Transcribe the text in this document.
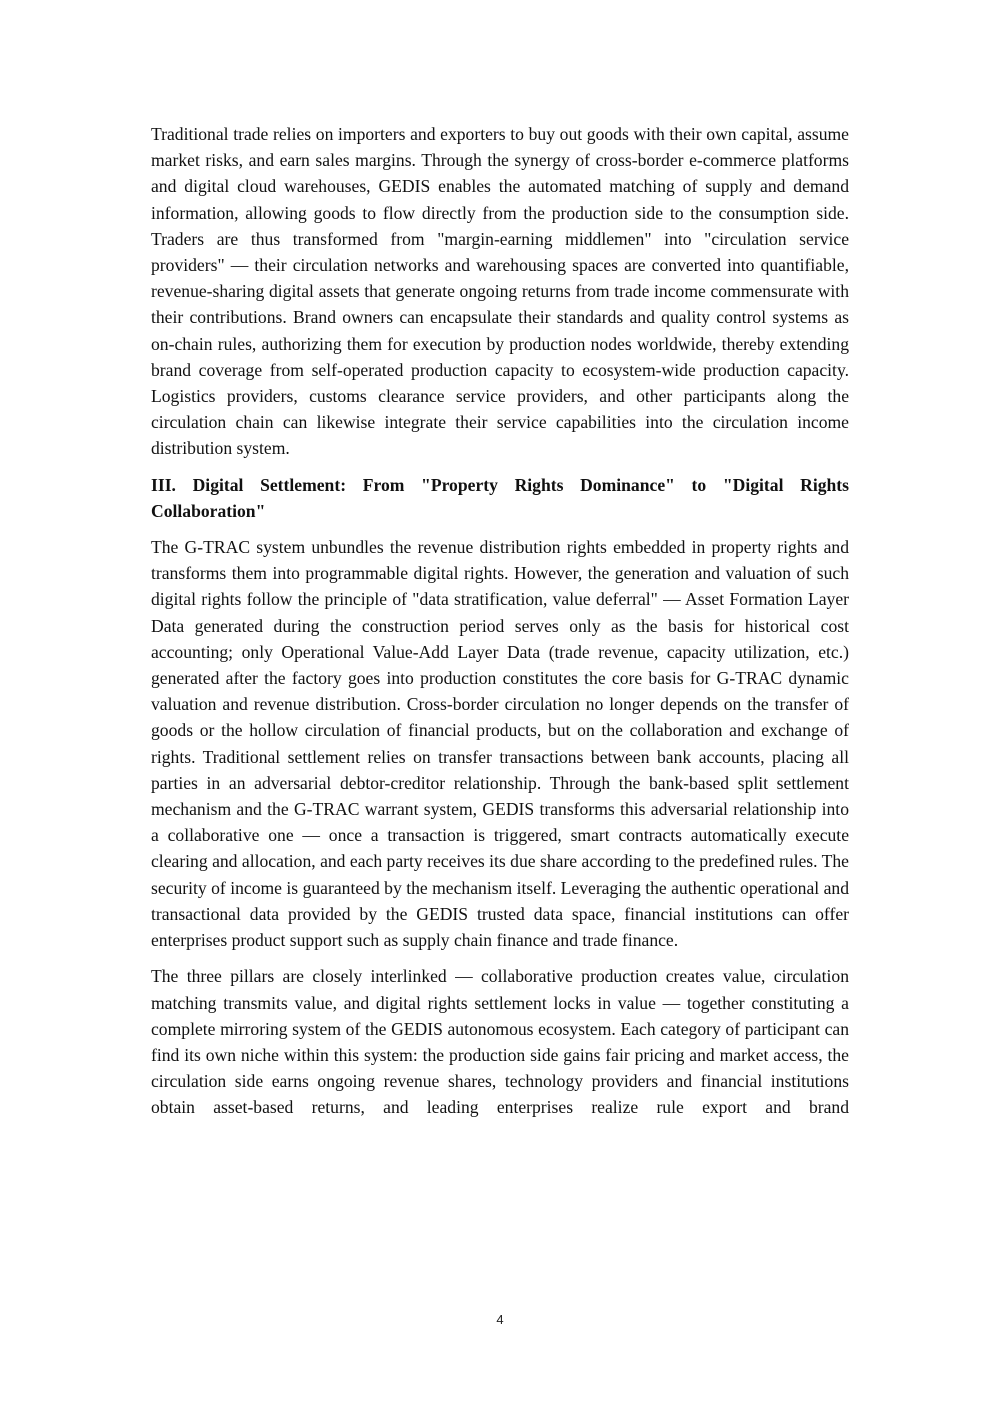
Traditional trade relies on importers and exporters to buy out goods with their own capital, assume market risks, and earn sales margins. Through the synergy of cross-border e-commerce platforms and digital cloud warehouses, GEDIS enables the automated matching of supply and demand information, allowing goods to flow directly from the production side to the consumption side. Traders are thus transformed from "margin-earning middlemen" into "circulation service providers" — their circulation networks and warehousing spaces are converted into quantifiable, revenue-sharing digital assets that generate ongoing returns from trade income commensurate with their contributions. Brand owners can encapsulate their standards and quality control systems as on-chain rules, authorizing them for execution by production nodes worldwide, thereby extending brand coverage from self-operated production capacity to ecosystem-wide production capacity. Logistics providers, customs clearance service providers, and other participants along the circulation chain can likewise integrate their service capabilities into the circulation income distribution system.

III. Digital Settlement: From "Property Rights Dominance" to "Digital Rights Collaboration"

The G-TRAC system unbundles the revenue distribution rights embedded in property rights and transforms them into programmable digital rights. However, the generation and valuation of such digital rights follow the principle of "data stratification, value deferral" — Asset Formation Layer Data generated during the construction period serves only as the basis for historical cost accounting; only Operational Value-Add Layer Data (trade revenue, capacity utilization, etc.) generated after the factory goes into production constitutes the core basis for G-TRAC dynamic valuation and revenue distribution. Cross-border circulation no longer depends on the transfer of goods or the hollow circulation of financial products, but on the collaboration and exchange of rights. Traditional settlement relies on transfer transactions between bank accounts, placing all parties in an adversarial debtor-creditor relationship. Through the bank-based split settlement mechanism and the G-TRAC warrant system, GEDIS transforms this adversarial relationship into a collaborative one — once a transaction is triggered, smart contracts automatically execute clearing and allocation, and each party receives its due share according to the predefined rules. The security of income is guaranteed by the mechanism itself. Leveraging the authentic operational and transactional data provided by the GEDIS trusted data space, financial institutions can offer enterprises product support such as supply chain finance and trade finance.

The three pillars are closely interlinked — collaborative production creates value, circulation matching transmits value, and digital rights settlement locks in value — together constituting a complete mirroring system of the GEDIS autonomous ecosystem. Each category of participant can find its own niche within this system: the production side gains fair pricing and market access, the circulation side earns ongoing revenue shares, technology providers and financial institutions obtain asset-based returns, and leading enterprises realize rule export and brand

4
